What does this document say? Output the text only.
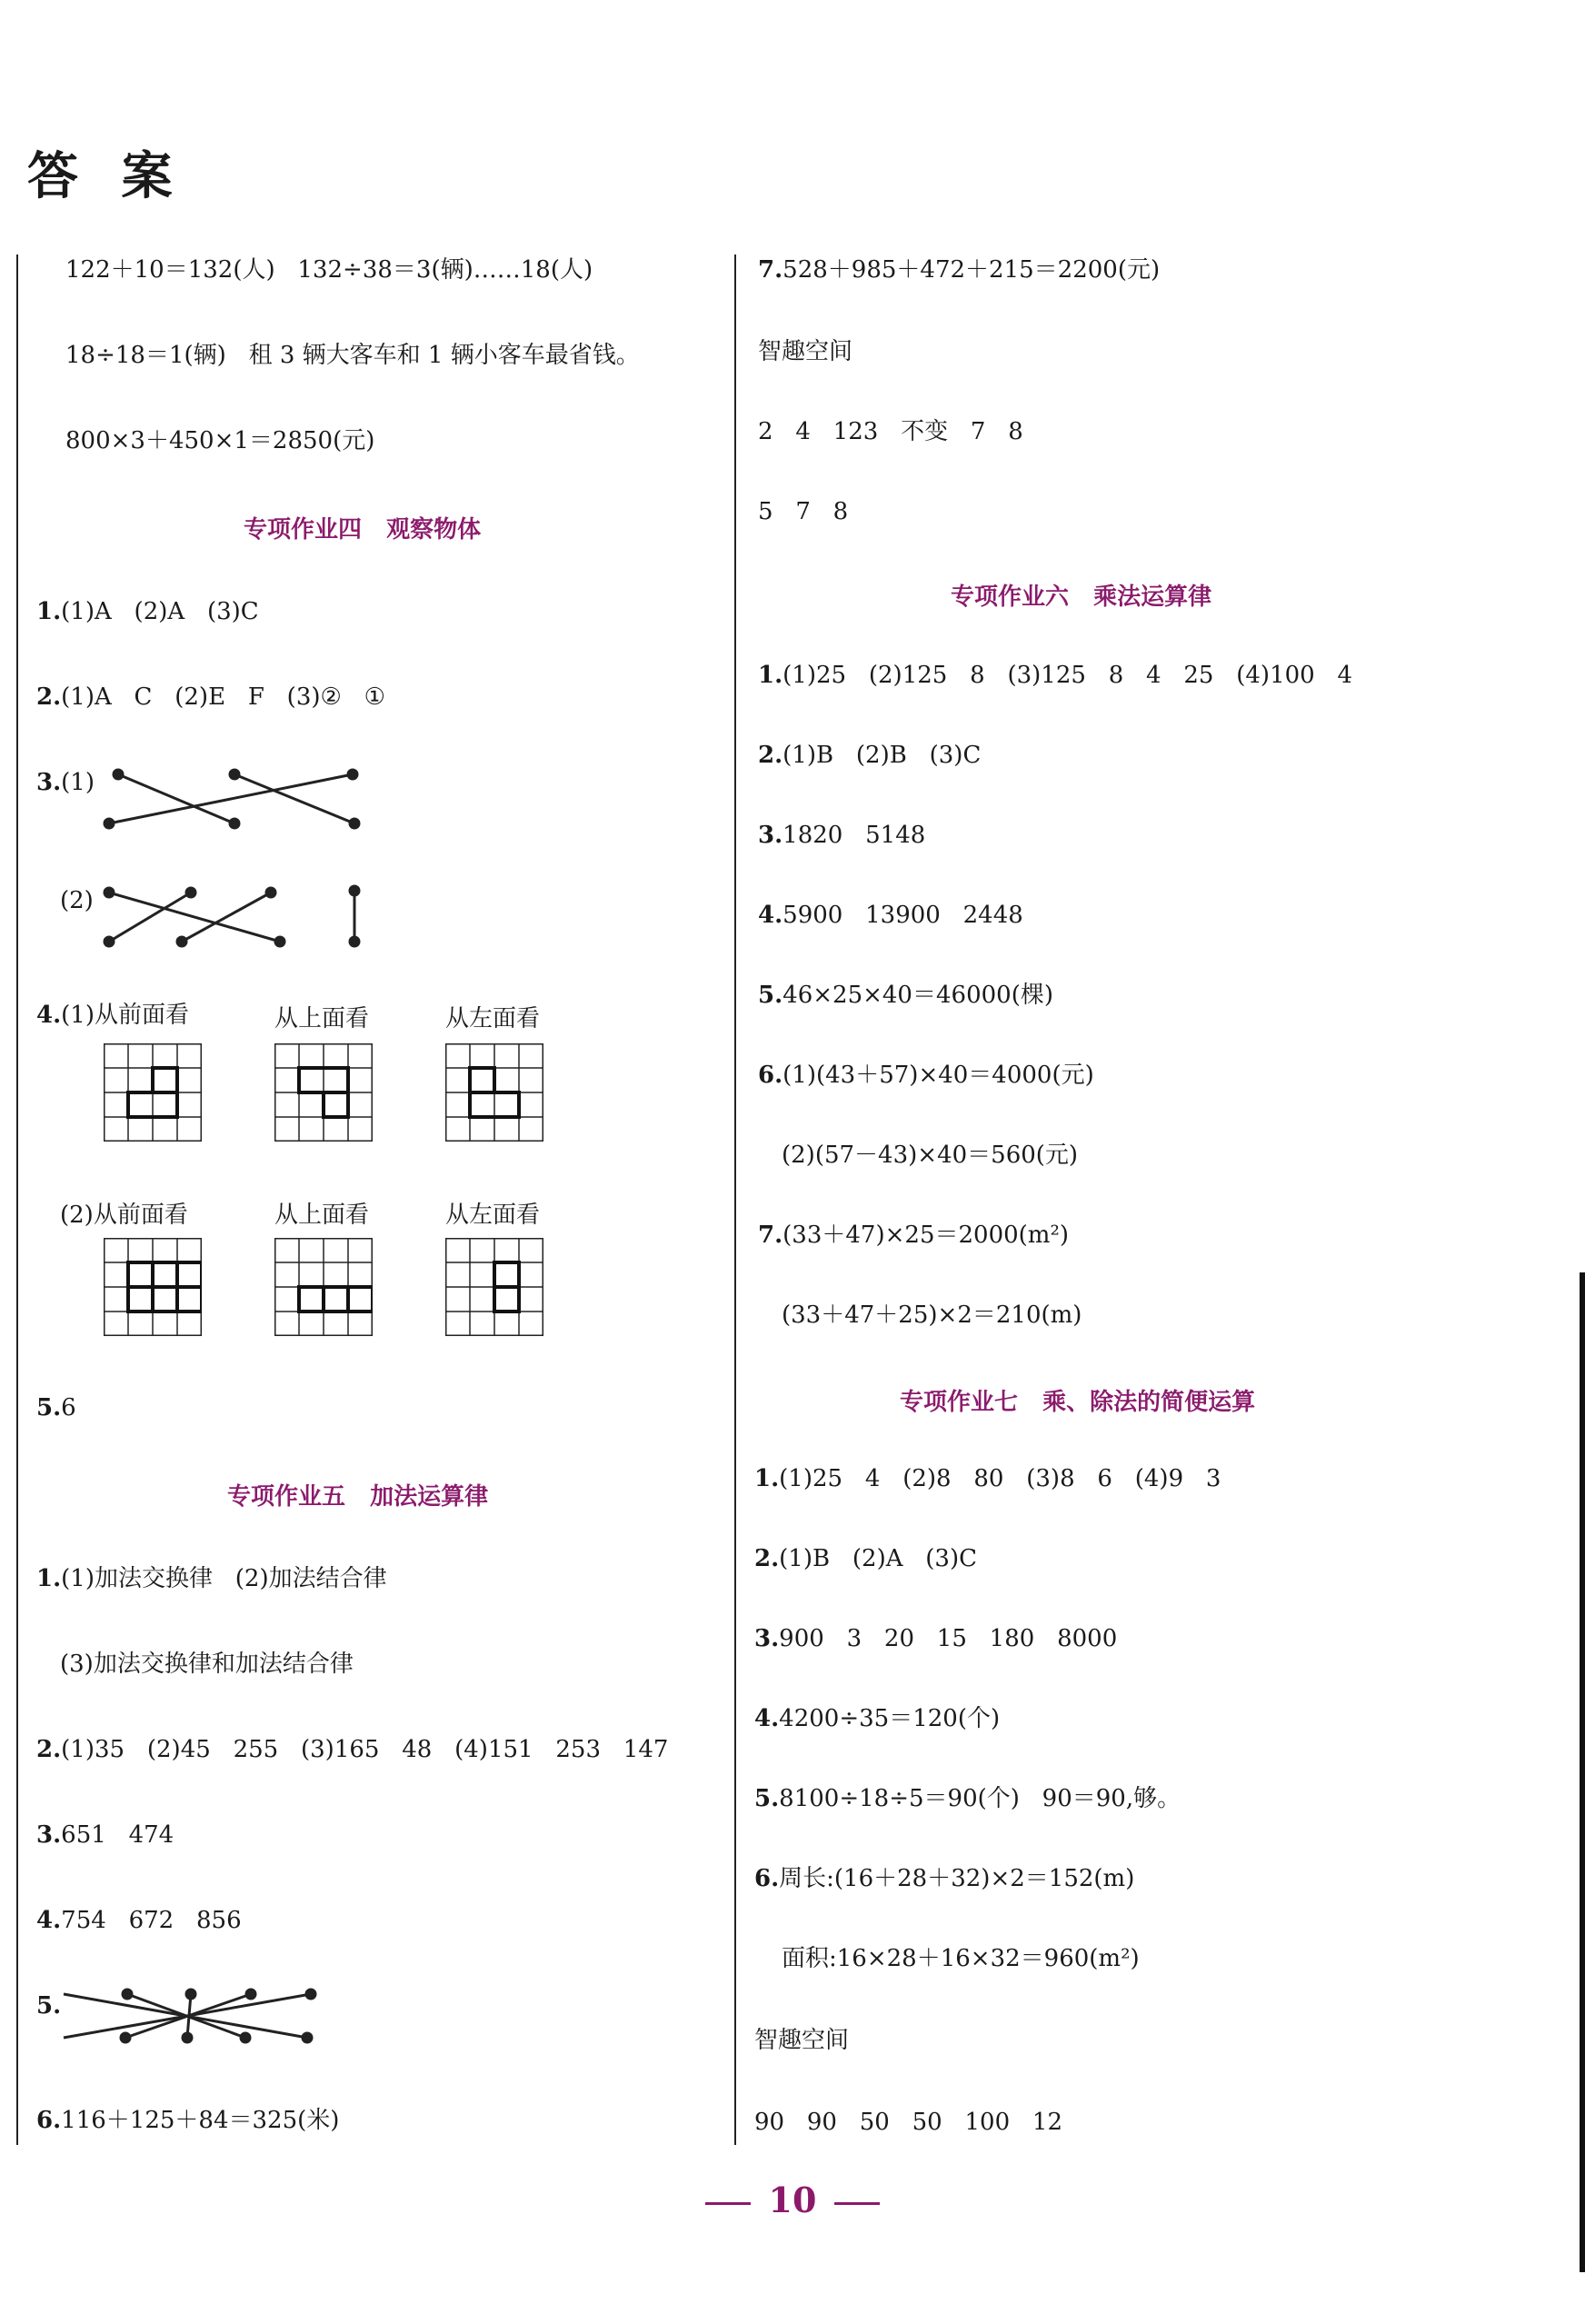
答 案
122＋10＝132(人)   132÷38＝3(辆)……18(人)
18÷18＝1(辆)   租 3 辆大客车和 1 辆小客车最省钱。
800×3＋450×1＝2850(元)
专项作业四   观察物体
1.(1)A   (2)A   (3)C
2.(1)A   C   (2)E   F   (3)②   ①
3.(1)
(2)
4.(1)从前面看	从上面看	从左面看
(2)从前面看	从上面看	从左面看
5.6
专项作业五   加法运算律
1.(1)加法交换律   (2)加法结合律
(3)加法交换律和加法结合律
2.(1)35   (2)45   255   (3)165   48   (4)151   253   147
3.651   474
4.754   672   856
5.
6.116＋125＋84＝325(米)
7.528＋985＋472＋215＝2200(元)
智趣空间
2   4   123   不变   7   8
5   7   8
专项作业六   乘法运算律
1.(1)25   (2)125   8   (3)125   8   4   25   (4)100   4
2.(1)B   (2)B   (3)C
3.1820   5148
4.5900   13900   2448
5.46×25×40＝46000(棵)
6.(1)(43＋57)×40＝4000(元)
(2)(57－43)×40＝560(元)
7.(33＋47)×25＝2000(m²)
(33＋47＋25)×2＝210(m)
专项作业七   乘、除法的简便运算
1.(1)25   4   (2)8   80   (3)8   6   (4)9   3
2.(1)B   (2)A   (3)C
3.900   3   20   15   180   8000
4.4200÷35＝120(个)
5.8100÷18÷5＝90(个)   90＝90,够。
6.周长:(16＋28＋32)×2＝152(m)
面积:16×28＋16×32＝960(m²)
智趣空间
90   90   50   50   100   12
10
